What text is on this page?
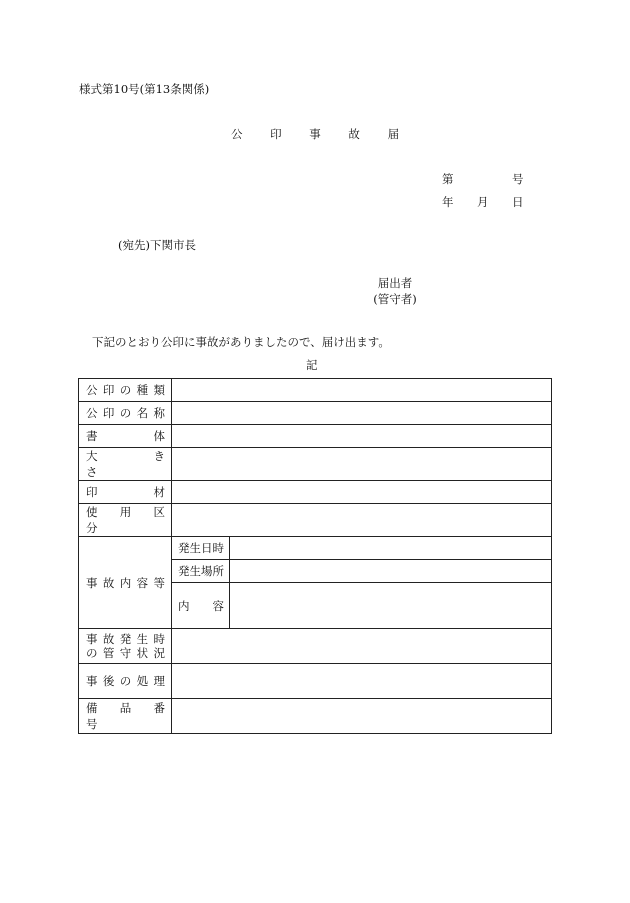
様式第10号(第13条関係)
公 印 事 故 届
第	号
年 月 日
(宛先)下関市長
届出者
(管守者)
下記のとおり公印に事故がありましたので、届け出ます。
記
公 印 の 種 類		
公 印 の 名 称		
書　　　　体		
大　　き　　さ		
印　　　　材		
使　用　区　分		
事 故 内 容 等	発生日時	
	発生場所	
	内　　容	

事 故 発 生 時
の 管 守 状 況		

事 後 の 処 理		
備　品　番　号		
